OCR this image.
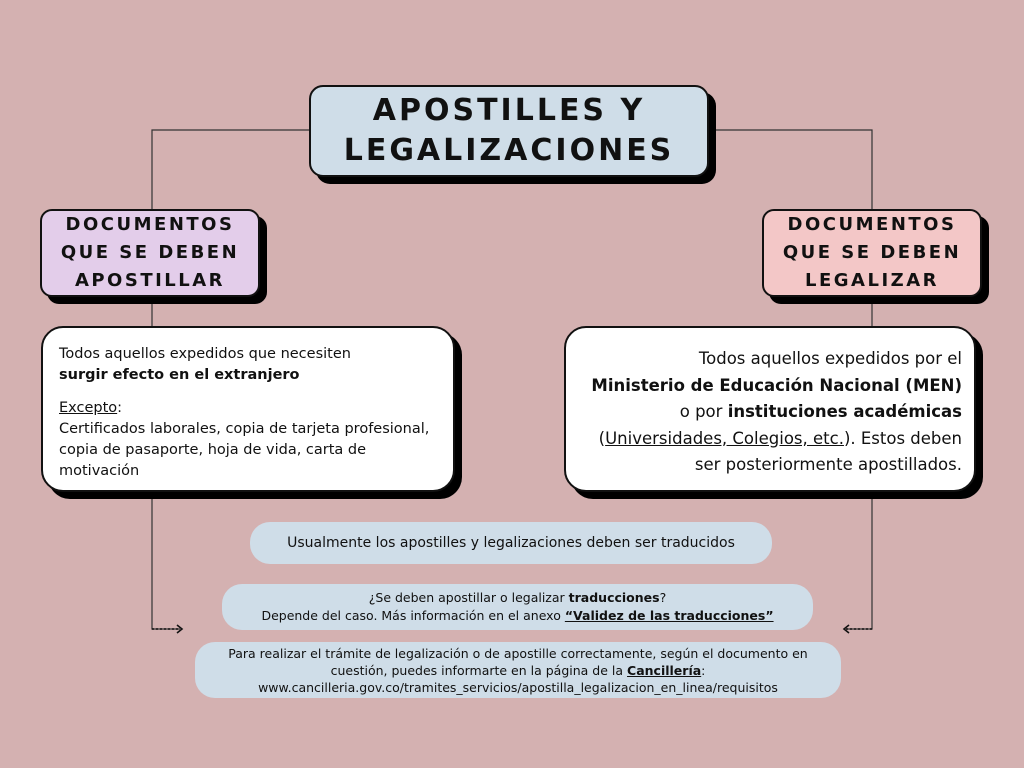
APOSTILLES Y
LEGALIZACIONES
DOCUMENTOS
QUE SE DEBEN
APOSTILLAR
DOCUMENTOS
QUE SE DEBEN
LEGALIZAR

Todos aquellos expedidos que necesiten
surgir efecto en el extranjero

Excepto:
Certificados laborales, copia de tarjeta profesional, copia de pasaporte, hoja de vida, carta de motivación

Todos aquellos expedidos por el
Ministerio de Educación Nacional (MEN)
o por instituciones académicas
(Universidades, Colegios, etc.). Estos deben ser posteriormente apostillados.

Usualmente los apostilles y legalizaciones deben ser traducidos
¿Se deben apostillar o legalizar traducciones?
Depende del caso. Más información en el anexo “Validez de las traducciones”
Para realizar el trámite de legalización o de apostille correctamente, según el documento en cuestión, puedes informarte en la página de la Cancillería:
www.cancilleria.gov.co/tramites_servicios/apostilla_legalizacion_en_linea/requisitos
